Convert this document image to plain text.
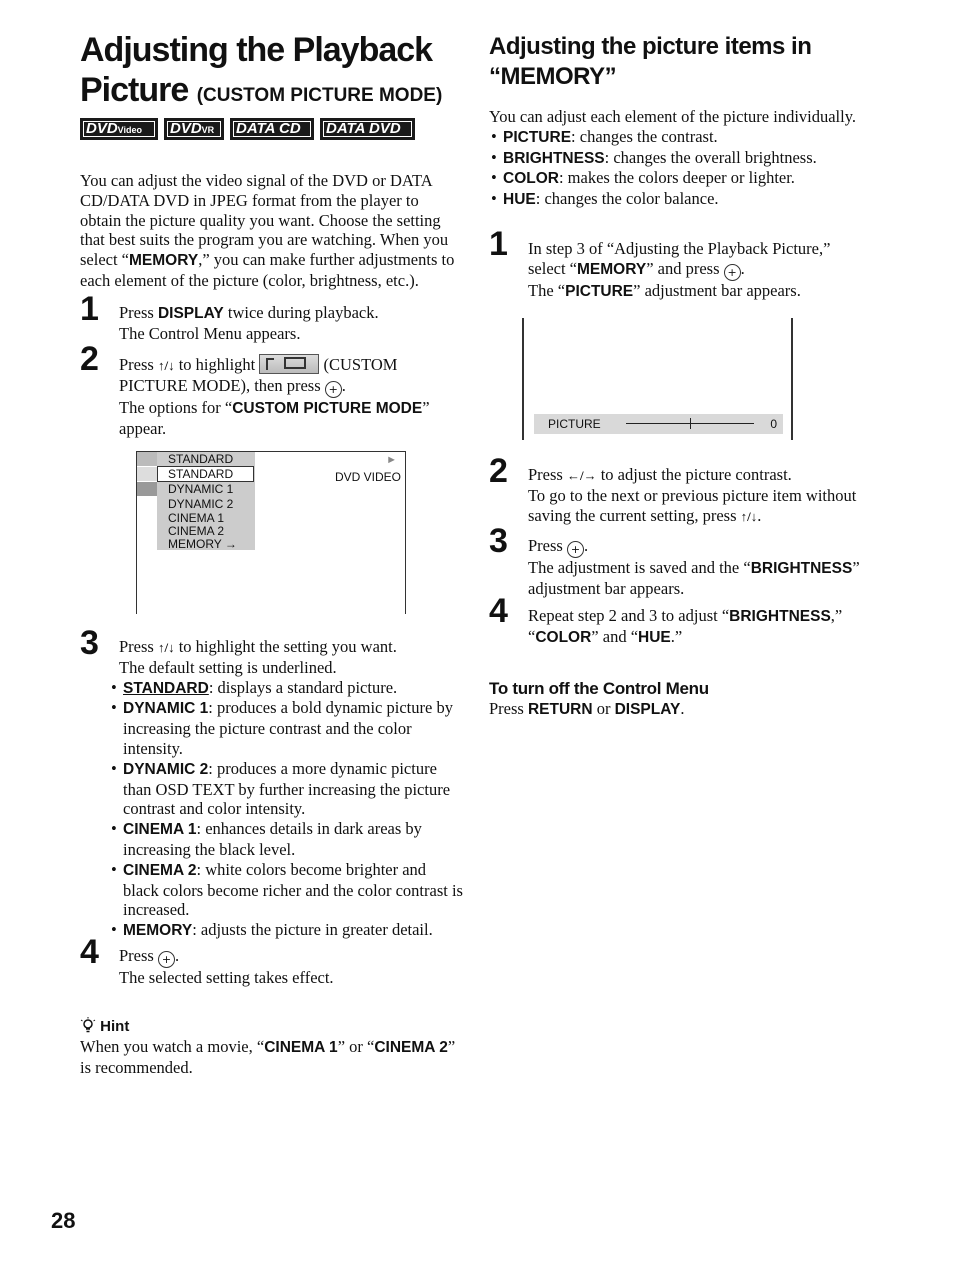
Adjusting the Playback
Picture (CUSTOM PICTURE MODE)
DVDVideo	DVDVR	DATA CD	DATA DVD
You can adjust the video signal of the DVD or DATA CD/DATA DVD in JPEG format from the player to obtain the picture quality you want. Choose the setting that best suits the program you are watching. When you select “MEMORY,” you can make further adjustments to each element of the picture (color, brightness, etc.).
1 Press DISPLAY twice during playback.
The Control Menu appears.
2 Press ↑/↓ to highlight	(CUSTOM PICTURE MODE), then press + .
The options for “CUSTOM PICTURE MODE” appear.
STANDARD
STANDARD
DYNAMIC 1
DYNAMIC 2
CINEMA 1
CINEMA 2
MEMORY →
►
DVD VIDEO
3 Press ↑/↓ to highlight the setting you want.
The default setting is underlined.
• STANDARD: displays a standard picture.
• DYNAMIC 1: produces a bold dynamic picture by increasing the picture contrast and the color intensity.
• DYNAMIC 2: produces a more dynamic picture than OSD TEXT by further increasing the picture contrast and color intensity.
• CINEMA 1: enhances details in dark areas by increasing the black level.
• CINEMA 2: white colors become brighter and black colors become richer and the color contrast is increased.
• MEMORY: adjusts the picture in greater detail.
4 Press + .
The selected setting takes effect.
Hint
When you watch a movie, “CINEMA 1” or “CINEMA 2” is recommended.
28
Adjusting the picture items in
“MEMORY”
You can adjust each element of the picture individually.
• PICTURE: changes the contrast.
• BRIGHTNESS: changes the overall brightness.
• COLOR: makes the colors deeper or lighter.
• HUE: changes the color balance.
1 In step 3 of “Adjusting the Playback Picture,” select “MEMORY” and press + .
The “PICTURE” adjustment bar appears.
PICTURE	0
2 Press ←/→ to adjust the picture contrast.
To go to the next or previous picture item without saving the current setting, press ↑/↓.
3 Press + .
The adjustment is saved and the “BRIGHTNESS” adjustment bar appears.
4 Repeat step 2 and 3 to adjust “BRIGHTNESS,” “COLOR” and “HUE.”
To turn off the Control Menu
Press RETURN or DISPLAY.
